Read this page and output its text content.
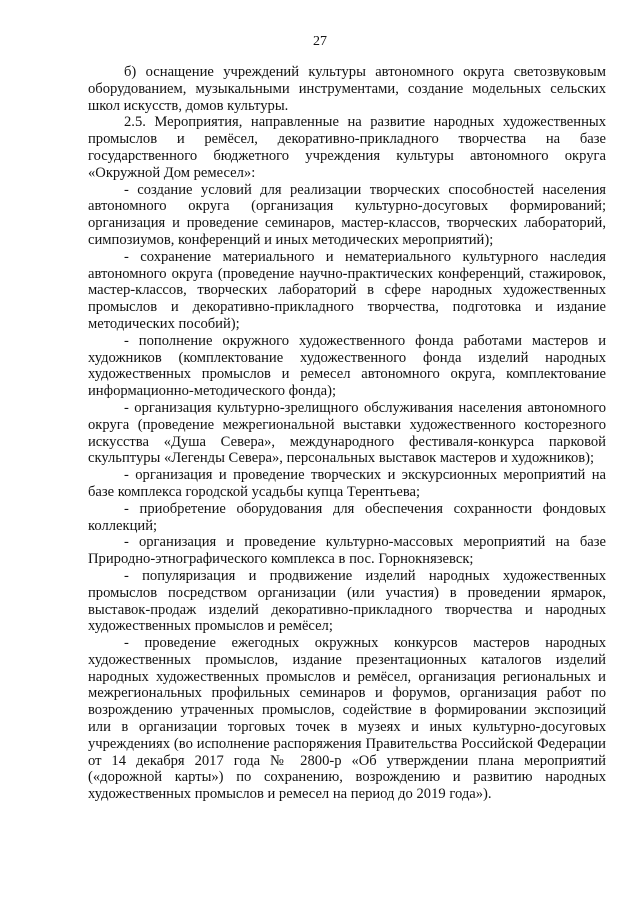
27

б) оснащение учреждений культуры автономного округа светозвуковым оборудованием, музыкальными инструментами, создание модельных сельских школ искусств, домов культуры.

2.5. Мероприятия, направленные на развитие народных художественных промыслов и ремёсел, декоративно-прикладного творчества на базе государственного бюджетного учреждения культуры автономного округа «Окружной Дом ремесел»:

- создание условий для реализации творческих способностей населения автономного округа (организация культурно-досуговых формирований; организация и проведение семинаров, мастер-классов, творческих лабораторий, симпозиумов, конференций и иных методических мероприятий);

- сохранение материального и нематериального культурного наследия автономного округа (проведение научно-практических конференций, стажировок, мастер-классов, творческих лабораторий в сфере народных художественных промыслов и декоративно-прикладного творчества, подготовка и издание методических пособий);

- пополнение окружного художественного фонда работами мастеров и художников (комплектование художественного фонда изделий народных художественных промыслов и ремесел автономного округа, комплектование информационно-методического фонда);

- организация культурно-зрелищного обслуживания населения автономного округа (проведение межрегиональной выставки художественного косторезного искусства «Душа Севера», международного фестиваля-конкурса парковой скульптуры «Легенды Севера», персональных выставок мастеров и художников);

- организация и проведение творческих и экскурсионных мероприятий на базе комплекса городской усадьбы купца Терентьева;

- приобретение оборудования для обеспечения сохранности фондовых коллекций;

- организация и проведение культурно-массовых мероприятий на базе Природно-этнографического комплекса в пос. Горнокнязевск;

- популяризация и продвижение изделий народных художественных промыслов посредством организации (или участия) в проведении ярмарок, выставок-продаж изделий декоративно-прикладного творчества и народных художественных промыслов и ремёсел;

- проведение ежегодных окружных конкурсов мастеров народных художественных промыслов, издание презентационных каталогов изделий народных художественных промыслов и ремёсел, организация региональных и межрегиональных профильных семинаров и форумов, организация работ по возрождению утраченных промыслов, содействие в формировании экспозиций или в организации торговых точек в музеях и иных культурно-досуговых учреждениях (во исполнение распоряжения Правительства Российской Федерации от 14 декабря 2017 года № 2800-р «Об утверждении плана мероприятий («дорожной карты») по сохранению, возрождению и развитию народных художественных промыслов и ремесел на период до 2019 года»).
